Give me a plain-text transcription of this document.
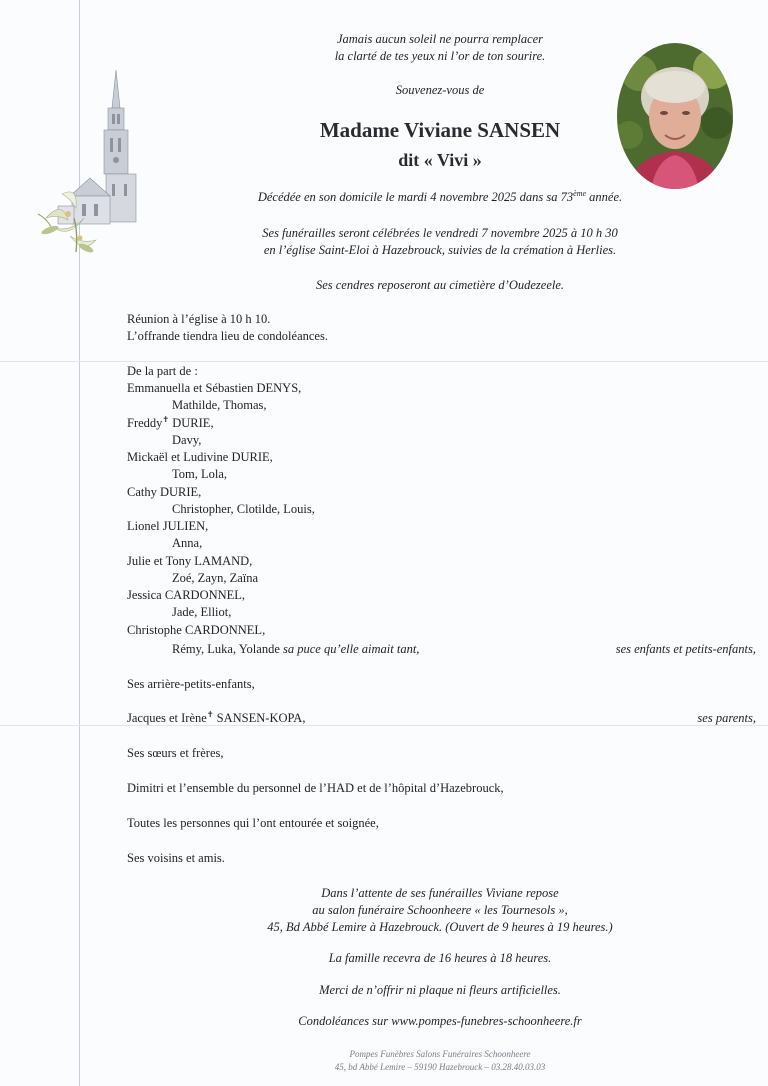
Jamais aucun soleil ne pourra remplacer
la clarté de tes yeux ni l’or de ton sourire.
Souvenez-vous de
Madame Viviane SANSEN
dit « Vivi »
Décédée en son domicile le mardi 4 novembre 2025 dans sa 73ème année.
Ses funérailles seront célébrées le vendredi 7 novembre 2025 à 10 h 30
en l’église Saint-Eloi à Hazebrouck, suivies de la crémation à Herlies.
Ses cendres reposeront au cimetière d’Oudezeele.
Réunion à l’église à 10 h 10.
L’offrande tiendra lieu de condoléances.
De la part de :
Emmanuella et Sébastien DENYS,
Mathilde, Thomas,
Freddy✝ DURIE,
Davy,
Mickaël et Ludivine DURIE,
Tom, Lola,
Cathy DURIE,
Christopher, Clotilde, Louis,
Lionel JULIEN,
Anna,
Julie et Tony LAMAND,
Zoé, Zayn, Zaïna
Jessica CARDONNEL,
Jade, Elliot,
Christophe CARDONNEL,
Rémy, Luka, Yolande sa puce qu’elle aimait tant,	ses enfants et petits-enfants,
Ses arrière-petits-enfants,
Jacques et Irène✝ SANSEN-KOPA,	ses parents,
Ses sœurs et frères,
Dimitri et l’ensemble du personnel de l’HAD et de l’hôpital d’Hazebrouck,
Toutes les personnes qui l’ont entourée et soignée,
Ses voisins et amis.
Dans l’attente de ses funérailles Viviane repose
au salon funéraire Schoonheere « les Tournesols »,
45, Bd Abbé Lemire à Hazebrouck. (Ouvert de 9 heures à 19 heures.)
La famille recevra de 16 heures à 18 heures.
Merci de n’offrir ni plaque ni fleurs artificielles.
Condoléances sur www.pompes-funebres-schoonheere.fr
Pompes Funèbres Salons Funéraires Schoonheere
45, bd Abbé Lemire – 59190 Hazebrouck – 03.28.40.03.03
